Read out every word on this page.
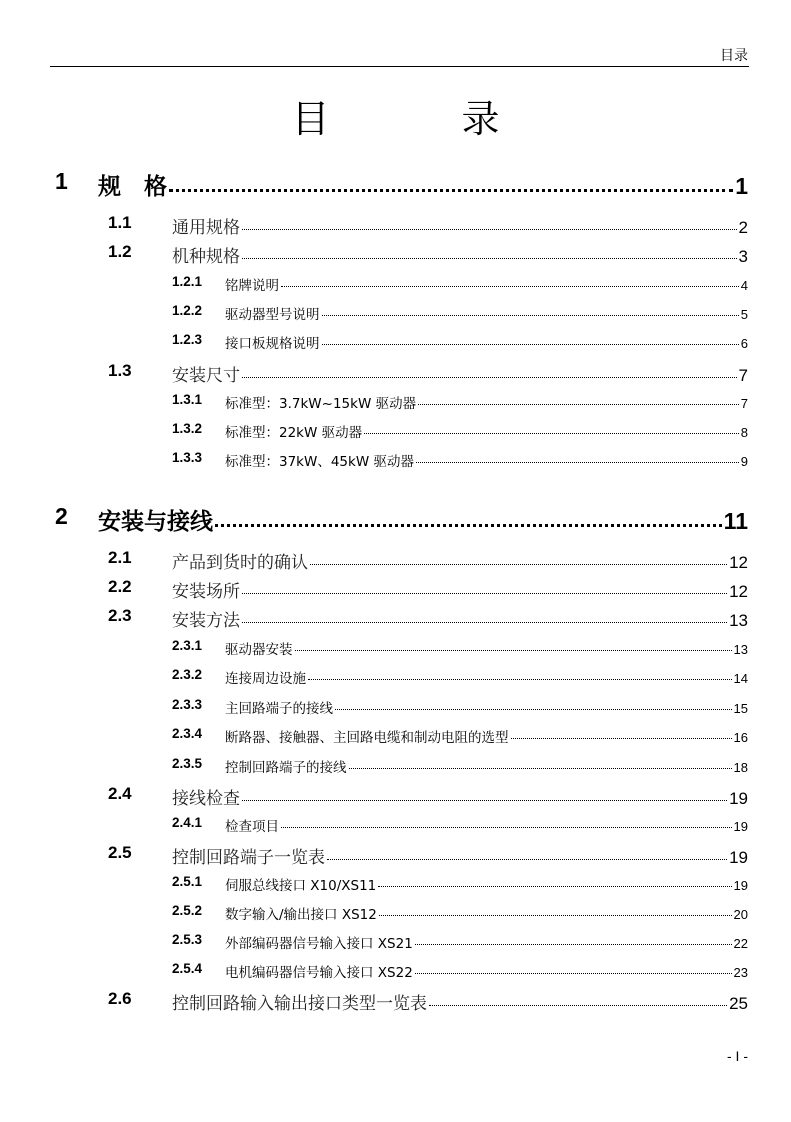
目录
目 录
1 规　格	1
1.1 通用规格	2
1.2 机种规格	3
1.2.1 铭牌说明	4
1.2.2 驱动器型号说明	5
1.2.3 接口板规格说明	6
1.3 安装尺寸	7
1.3.1 标准型：3.7kW~15kW 驱动器	7
1.3.2 标准型：22kW 驱动器	8
1.3.3 标准型：37kW、45kW 驱动器	9
2 安装与接线	11
2.1 产品到货时的确认	12
2.2 安装场所	12
2.3 安装方法	13
2.3.1 驱动器安装	13
2.3.2 连接周边设施	14
2.3.3 主回路端子的接线	15
2.3.4 断路器、接触器、主回路电缆和制动电阻的选型	16
2.3.5 控制回路端子的接线	18
2.4 接线检查	19
2.4.1 检查项目	19
2.5 控制回路端子一览表	19
2.5.1 伺服总线接口 X10/XS11	19
2.5.2 数字输入/输出接口 XS12	20
2.5.3 外部编码器信号输入接口 XS21	22
2.5.4 电机编码器信号输入接口 XS22	23
2.6 控制回路输入输出接口类型一览表	25
- I -
